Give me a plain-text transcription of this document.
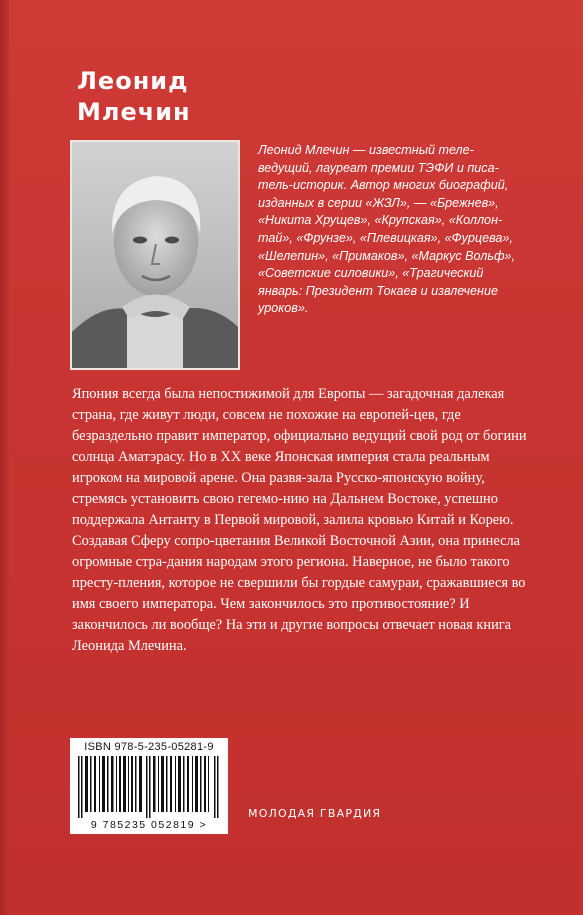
Леонид
Млечин

Леонид Млечин — известный теле-ведущий, лауреат премии ТЭФИ и писа-тель-историк. Автор многих биографий, изданных в серии «ЖЗЛ», — «Брежнев», «Никита Хрущев», «Крупская», «Коллон-тай», «Фрунзе», «Плевицкая», «Фурцева», «Шелепин», «Примаков», «Маркус Вольф», «Советские силовики», «Трагический январь: Президент Токаев и извлечение уроков».

Япония всегда была непостижимой для Европы — загадочная далекая страна, где живут люди, совсем не похожие на европей-цев, где безраздельно правит император, официально ведущий свой род от богини солнца Аматэрасу. Но в XX веке Японская империя стала реальным игроком на мировой арене. Она развя-зала Русско-японскую войну, стремясь установить свою гегемо-нию на Дальнем Востоке, успешно поддержала Антанту в Первой мировой, залила кровью Китай и Корею. Создавая Сферу сопро-цветания Великой Восточной Азии, она принесла огромные стра-дания народам этого региона. Наверное, не было такого престу-пления, которое не свершили бы гордые самураи, сражавшиеся во имя своего императора. Чем закончилось это противостояние? И закончилось ли вообще? На эти и другие вопросы отвечает новая книга Леонида Млечина.

ISBN 978-5-235-05281-9
9 785235 052819 >

МОЛОДАЯ ГВАРДИЯ
